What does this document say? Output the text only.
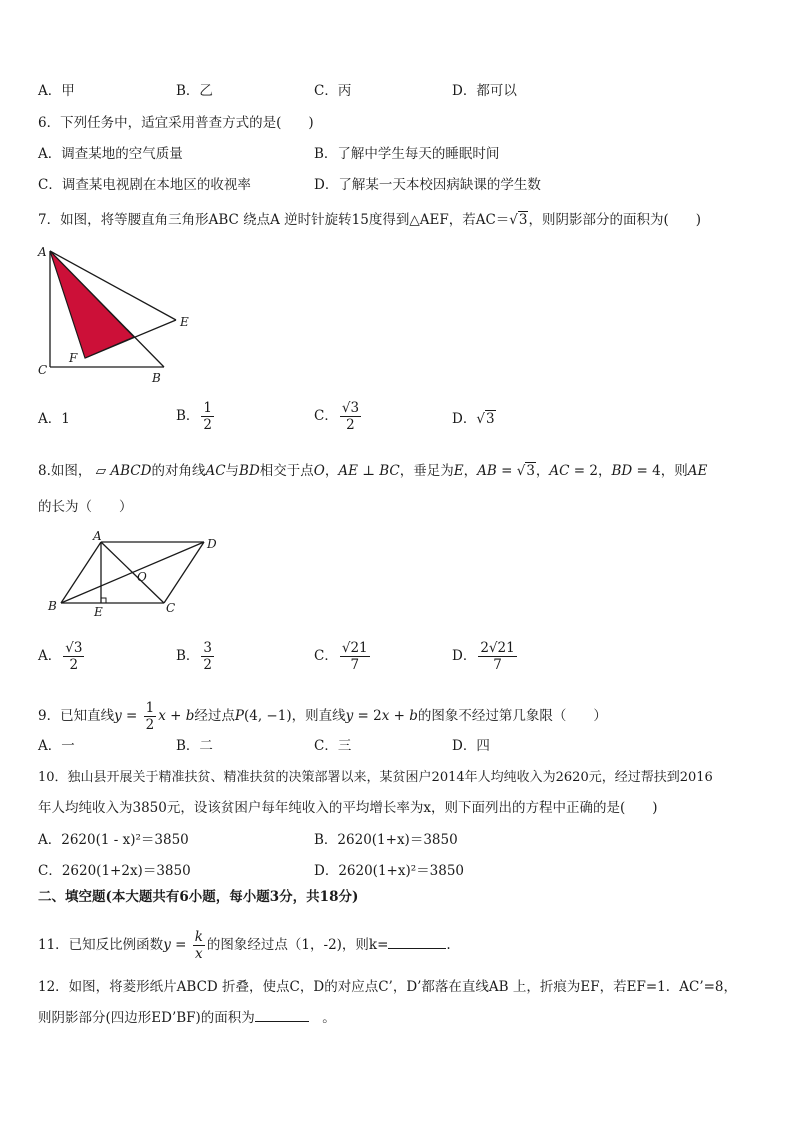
A．甲	B．乙	C．丙	D．都可以
6．下列任务中，适宜采用普查方式的是(　　)
A．调查某地的空气质量	B．了解中学生每天的睡眠时间
C．调查某电视剧在本地区的收视率	D．了解某一天本校因病缺课的学生数
7．如图，将等腰直角三角形ABC 绕点A 逆时针旋转15度得到△AEF，若AC＝√3，则阴影部分的面积为(　　)
A
C
B
E
F
A．1	B． $\frac{1}{2}$	C． $\frac{√3}{2}$	D．√3
8.如图， ▱ ABCD的对角线AC与BD相交于点O，AE ⊥ BC，垂足为E，AB = √3，AC = 2，BD = 4，则AE
的长为（　　）
A
D
B	C
E
O
A． $\frac{√3}{2}$	B． $\frac{3}{2}$	C． $\frac{√21}{7}$	D． $\frac{2√21}{7}$
9．已知直线$y = \frac{1}{2}$ x + b经过点P(4, −1)，则直线y = 2x + b的图象不经过第几象限（　　）
A．一	B．二	C．三	D．四
10．独山县开展关于精准扶贫、精准扶贫的决策部署以来，某贫困户2014年人均纯收入为2620元，经过帮扶到2016
年人均纯收入为3850元，设该贫困户每年纯收入的平均增长率为x，则下面列出的方程中正确的是(　　)
A．2620(1 - x)²＝3850	B．2620(1+x)＝3850
C．2620(1+2x)＝3850	D．2620(1+x)²＝3850
二、填空题(本大题共有6小题，每小题3分，共18分)
11．已知反比例函数$y = \frac{k}{x}$ 的图象经过点（1，-2)，则k=	.
12．如图，将菱形纸片ABCD 折叠，使点C，D的对应点C’，D’都落在直线AB 上，折痕为EF，若EF=1．AC’=8，
则阴影部分(四边形ED’BF)的面积为	　。
